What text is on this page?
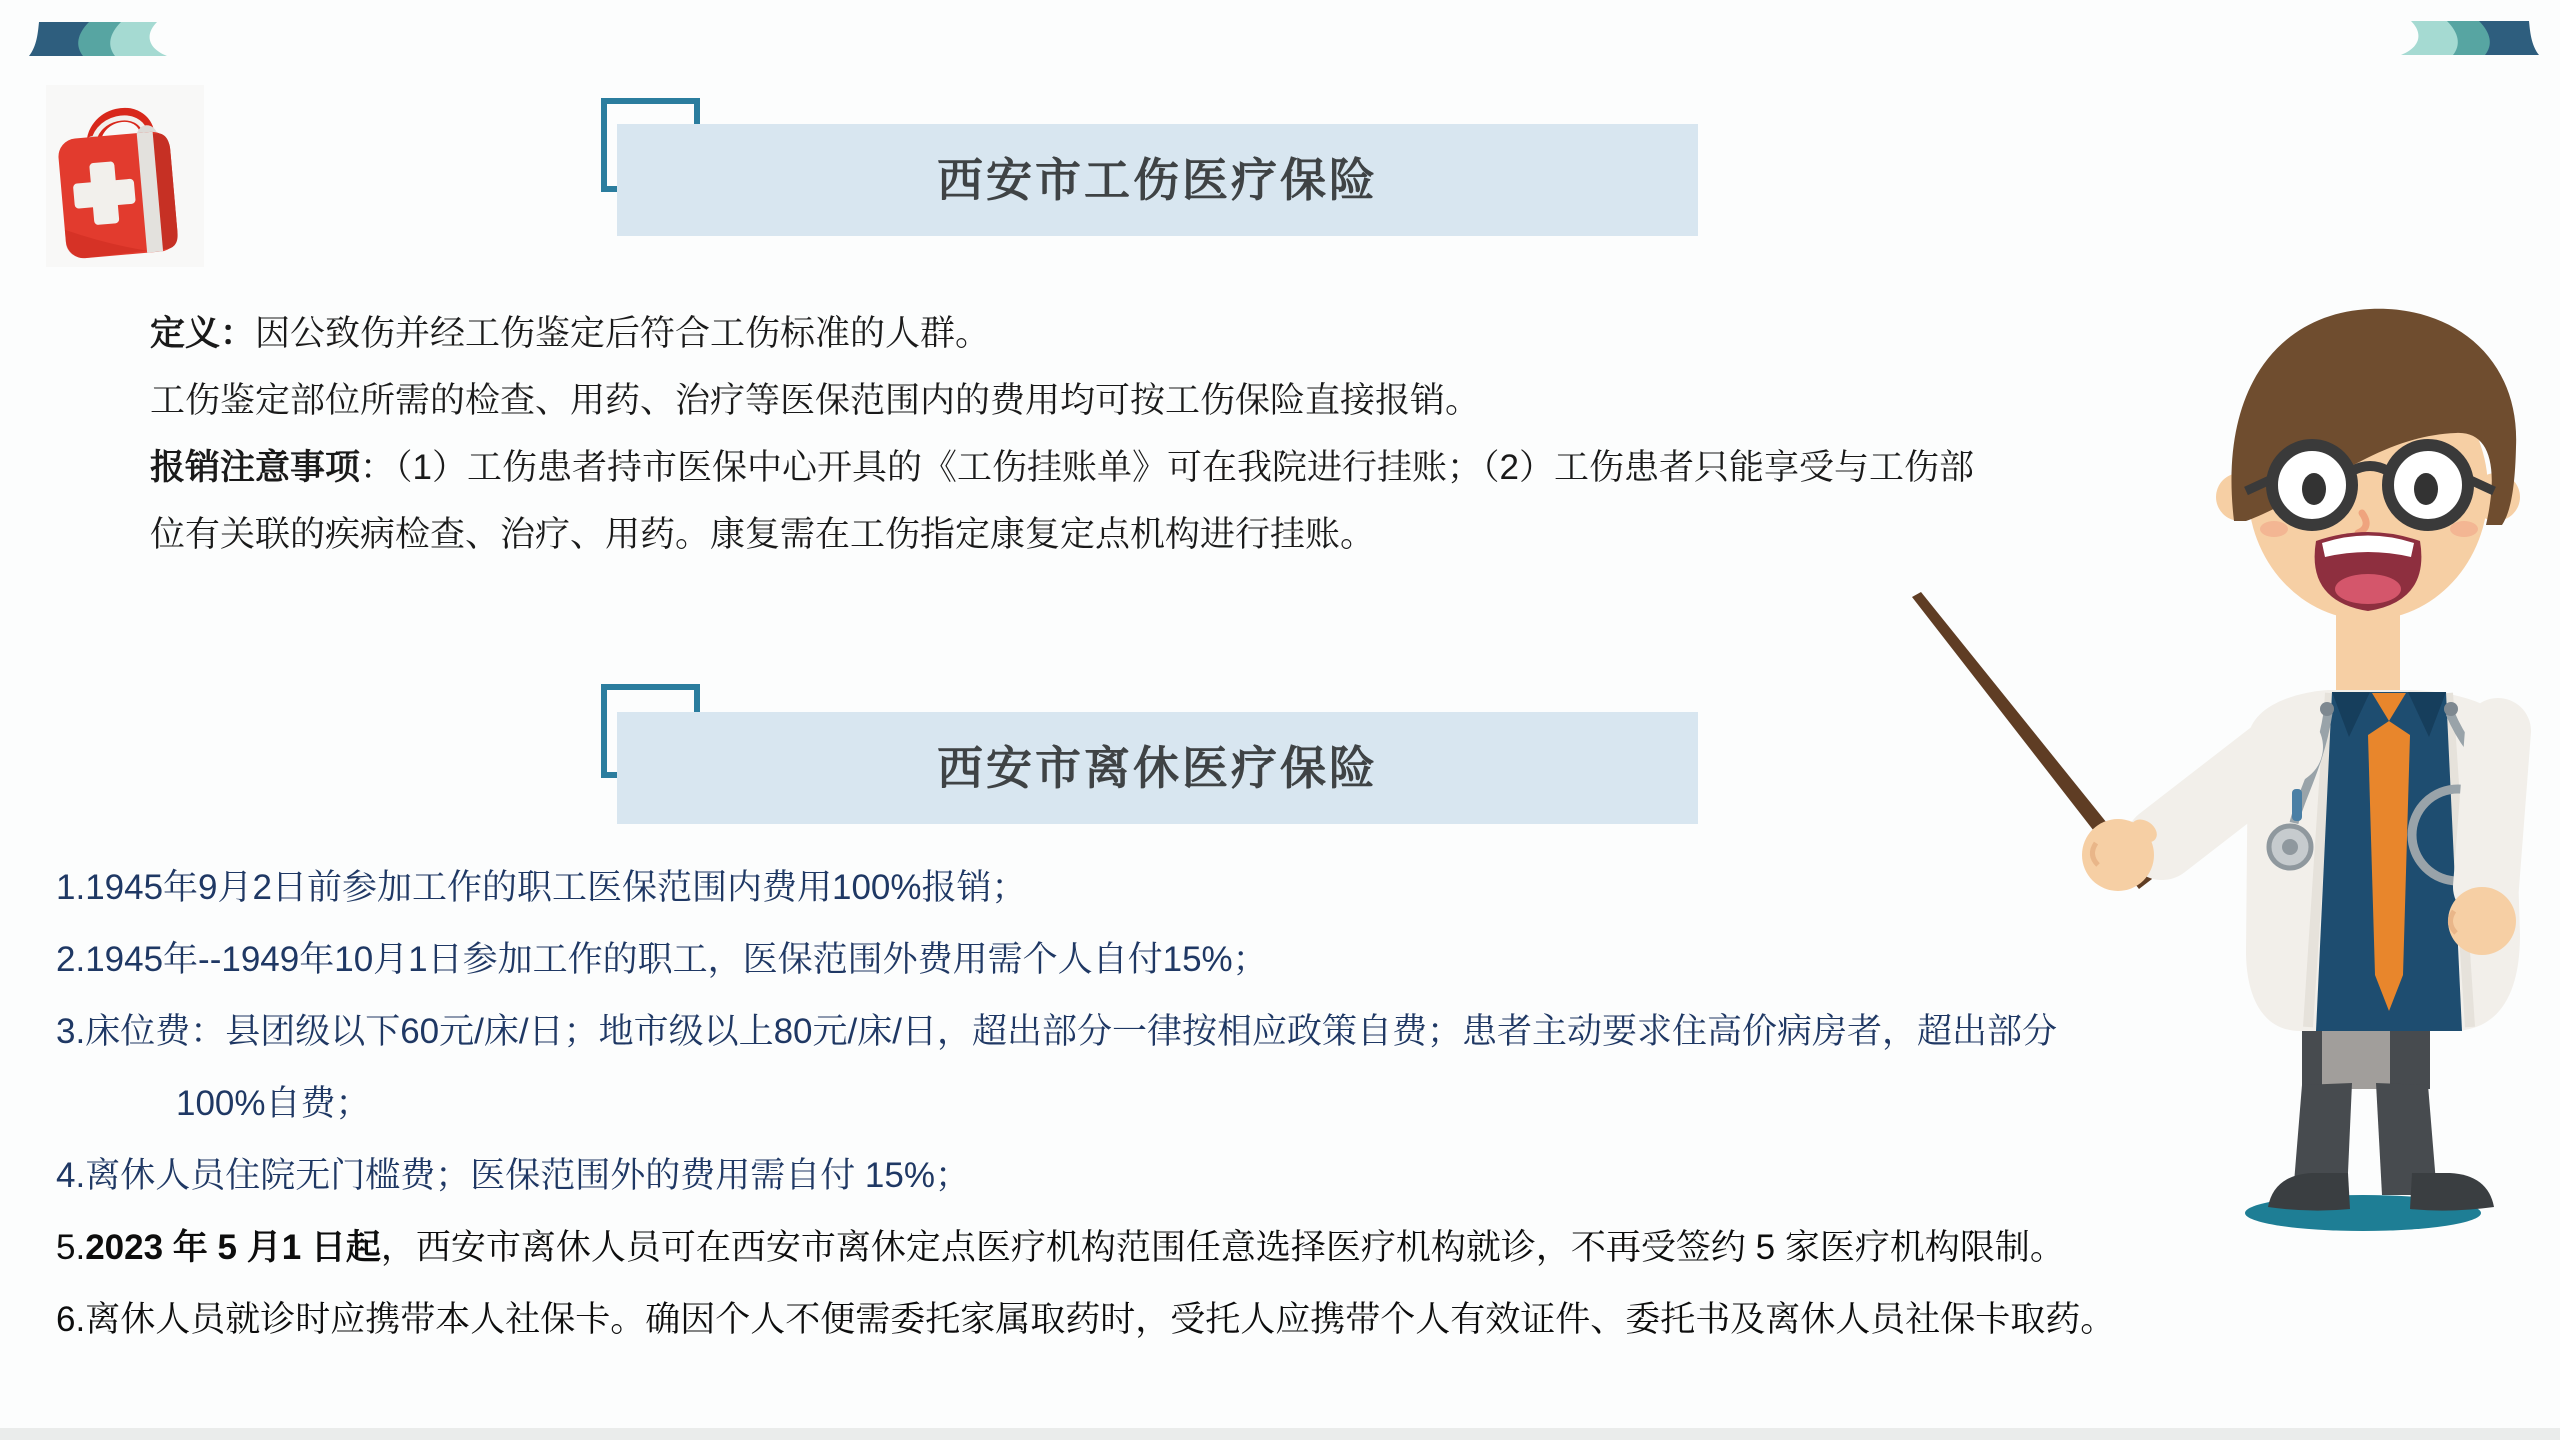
西安市工伤医疗保险
定义：因公致伤并经工伤鉴定后符合工伤标准的人群。
工伤鉴定部位所需的检查、用药、治疗等医保范围内的费用均可按工伤保险直接报销。
报销注意事项：（1）工伤患者持市医保中心开具的《工伤挂账单》可在我院进行挂账；（2）工伤患者只能享受与工伤部
位有关联的疾病检查、治疗、用药。康复需在工伤指定康复定点机构进行挂账。
西安市离休医疗保险
1.1945年9月2日前参加工作的职工医保范围内费用100%报销；
2.1945年--1949年10月1日参加工作的职工，医保范围外费用需个人自付15%；
3.床位费：县团级以下60元/床/日；地市级以上80元/床/日，超出部分一律按相应政策自费；患者主动要求住高价病房者，超出部分
100%自费；
4.离休人员住院无门槛费；医保范围外的费用需自付 15%；
5.2023 年 5 月1 日起，西安市离休人员可在西安市离休定点医疗机构范围任意选择医疗机构就诊，不再受签约 5 家医疗机构限制。
6.离休人员就诊时应携带本人社保卡。确因个人不便需委托家属取药时，受托人应携带个人有效证件、委托书及离休人员社保卡取药。
